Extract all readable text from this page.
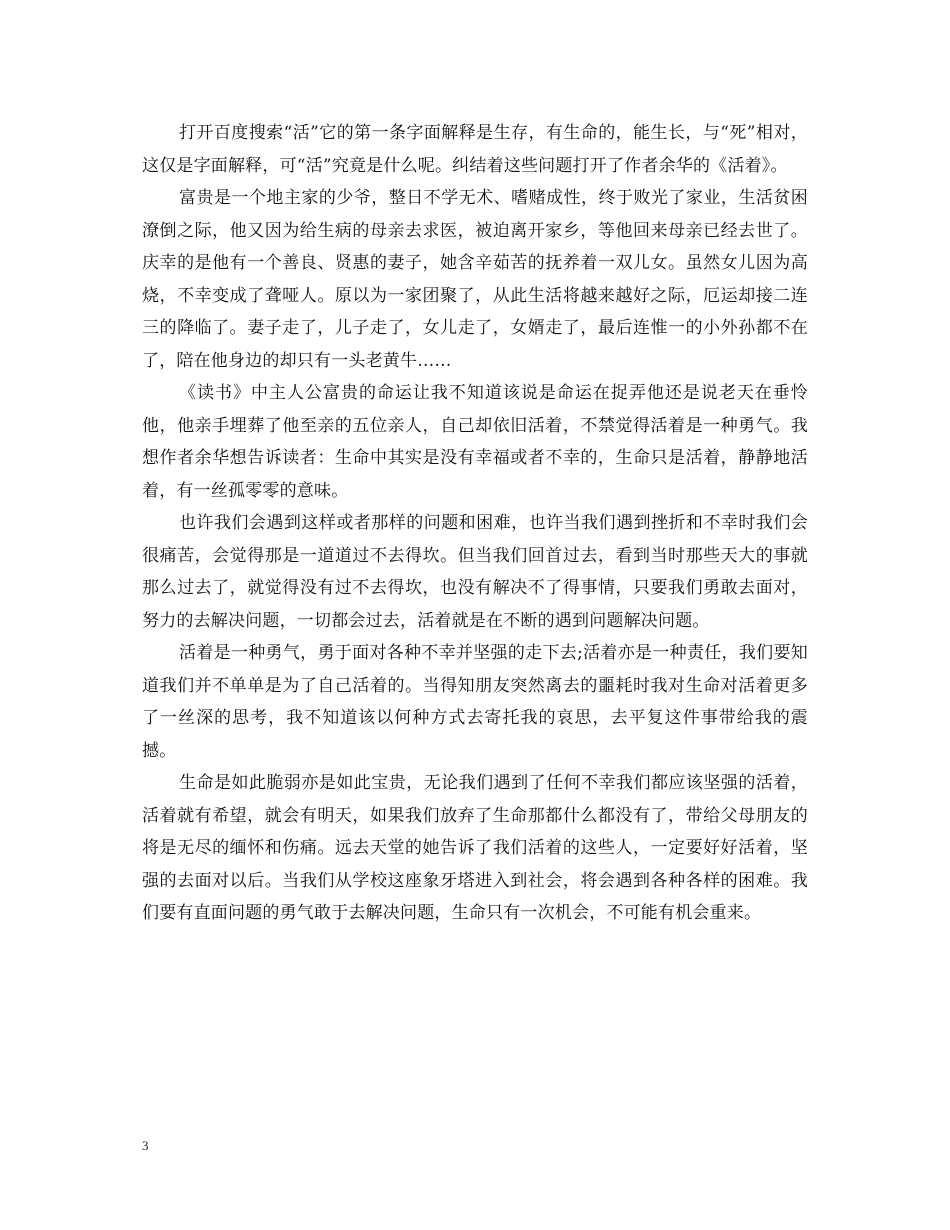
打开百度搜索“活”它的第一条字面解释是生存，有生命的，能生长，与“死”相对，这仅是字面解释，可“活”究竟是什么呢。纠结着这些问题打开了作者余华的《活着》。

富贵是一个地主家的少爷，整日不学无术、嗜赌成性，终于败光了家业，生活贫困潦倒之际，他又因为给生病的母亲去求医，被迫离开家乡，等他回来母亲已经去世了。庆幸的是他有一个善良、贤惠的妻子，她含辛茹苦的抚养着一双儿女。虽然女儿因为高烧，不幸变成了聋哑人。原以为一家团聚了，从此生活将越来越好之际，厄运却接二连三的降临了。妻子走了，儿子走了，女儿走了，女婿走了，最后连惟一的小外孙都不在了，陪在他身边的却只有一头老黄牛……

《读书》中主人公富贵的命运让我不知道该说是命运在捉弄他还是说老天在垂怜他，他亲手埋葬了他至亲的五位亲人，自己却依旧活着，不禁觉得活着是一种勇气。我想作者余华想告诉读者：生命中其实是没有幸福或者不幸的，生命只是活着，静静地活着，有一丝孤零零的意味。

也许我们会遇到这样或者那样的问题和困难，也许当我们遇到挫折和不幸时我们会很痛苦，会觉得那是一道道过不去得坎。但当我们回首过去，看到当时那些天大的事就那么过去了，就觉得没有过不去得坎，也没有解决不了得事情，只要我们勇敢去面对，努力的去解决问题，一切都会过去，活着就是在不断的遇到问题解决问题。

活着是一种勇气，勇于面对各种不幸并坚强的走下去;活着亦是一种责任，我们要知道我们并不单单是为了自己活着的。当得知朋友突然离去的噩耗时我对生命对活着更多了一丝深的思考，我不知道该以何种方式去寄托我的哀思，去平复这件事带给我的震撼。

生命是如此脆弱亦是如此宝贵，无论我们遇到了任何不幸我们都应该坚强的活着，活着就有希望，就会有明天，如果我们放弃了生命那都什么都没有了，带给父母朋友的将是无尽的缅怀和伤痛。远去天堂的她告诉了我们活着的这些人，一定要好好活着，坚强的去面对以后。当我们从学校这座象牙塔进入到社会，将会遇到各种各样的困难。我们要有直面问题的勇气敢于去解决问题，生命只有一次机会，不可能有机会重来。

3
